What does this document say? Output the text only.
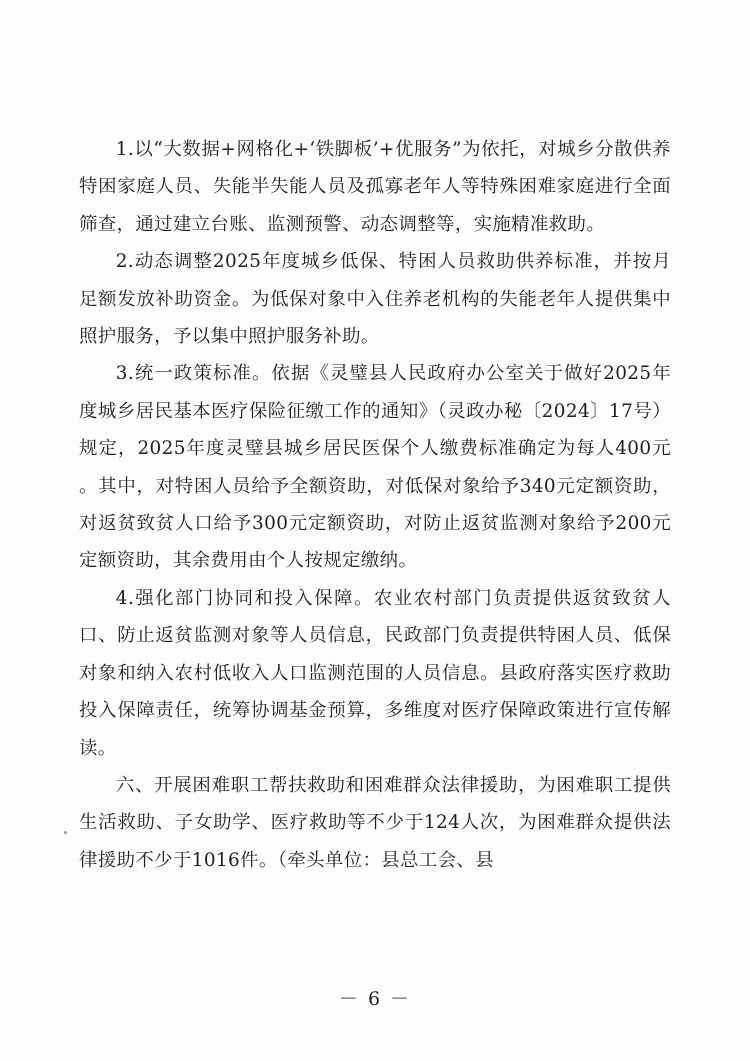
1.以“大数据+网格化+‘铁脚板’+优服务”为依托，对城乡分散供养特困家庭人员、失能半失能人员及孤寡老年人等特殊困难家庭进行全面筛查，通过建立台账、监测预警、动态调整等，实施精准救助。

2.动态调整2025年度城乡低保、特困人员救助供养标准，并按月足额发放补助资金。为低保对象中入住养老机构的失能老年人提供集中照护服务，予以集中照护服务补助。

3.统一政策标准。依据《灵璧县人民政府办公室关于做好2025年度城乡居民基本医疗保险征缴工作的通知》（灵政办秘〔2024〕17号）规定，2025年度灵璧县城乡居民医保个人缴费标准确定为每人400元 。其中，对特困人员给予全额资助，对低保对象给予340元定额资助，对返贫致贫人口给予300元定额资助，对防止返贫监测对象给予200元定额资助，其余费用由个人按规定缴纳。

4.强化部门协同和投入保障。农业农村部门负责提供返贫致贫人口、防止返贫监测对象等人员信息，民政部门负责提供特困人员、低保对象和纳入农村低收入人口监测范围的人员信息。县政府落实医疗救助投入保障责任，统筹协调基金预算，多维度对医疗保障政策进行宣传解读。

六、开展困难职工帮扶救助和困难群众法律援助，为困难职工提供生活救助、子女助学、医疗救助等不少于124人次，为困难群众提供法律援助不少于1016件。（牵头单位：县总工会、县

－ 6 －
